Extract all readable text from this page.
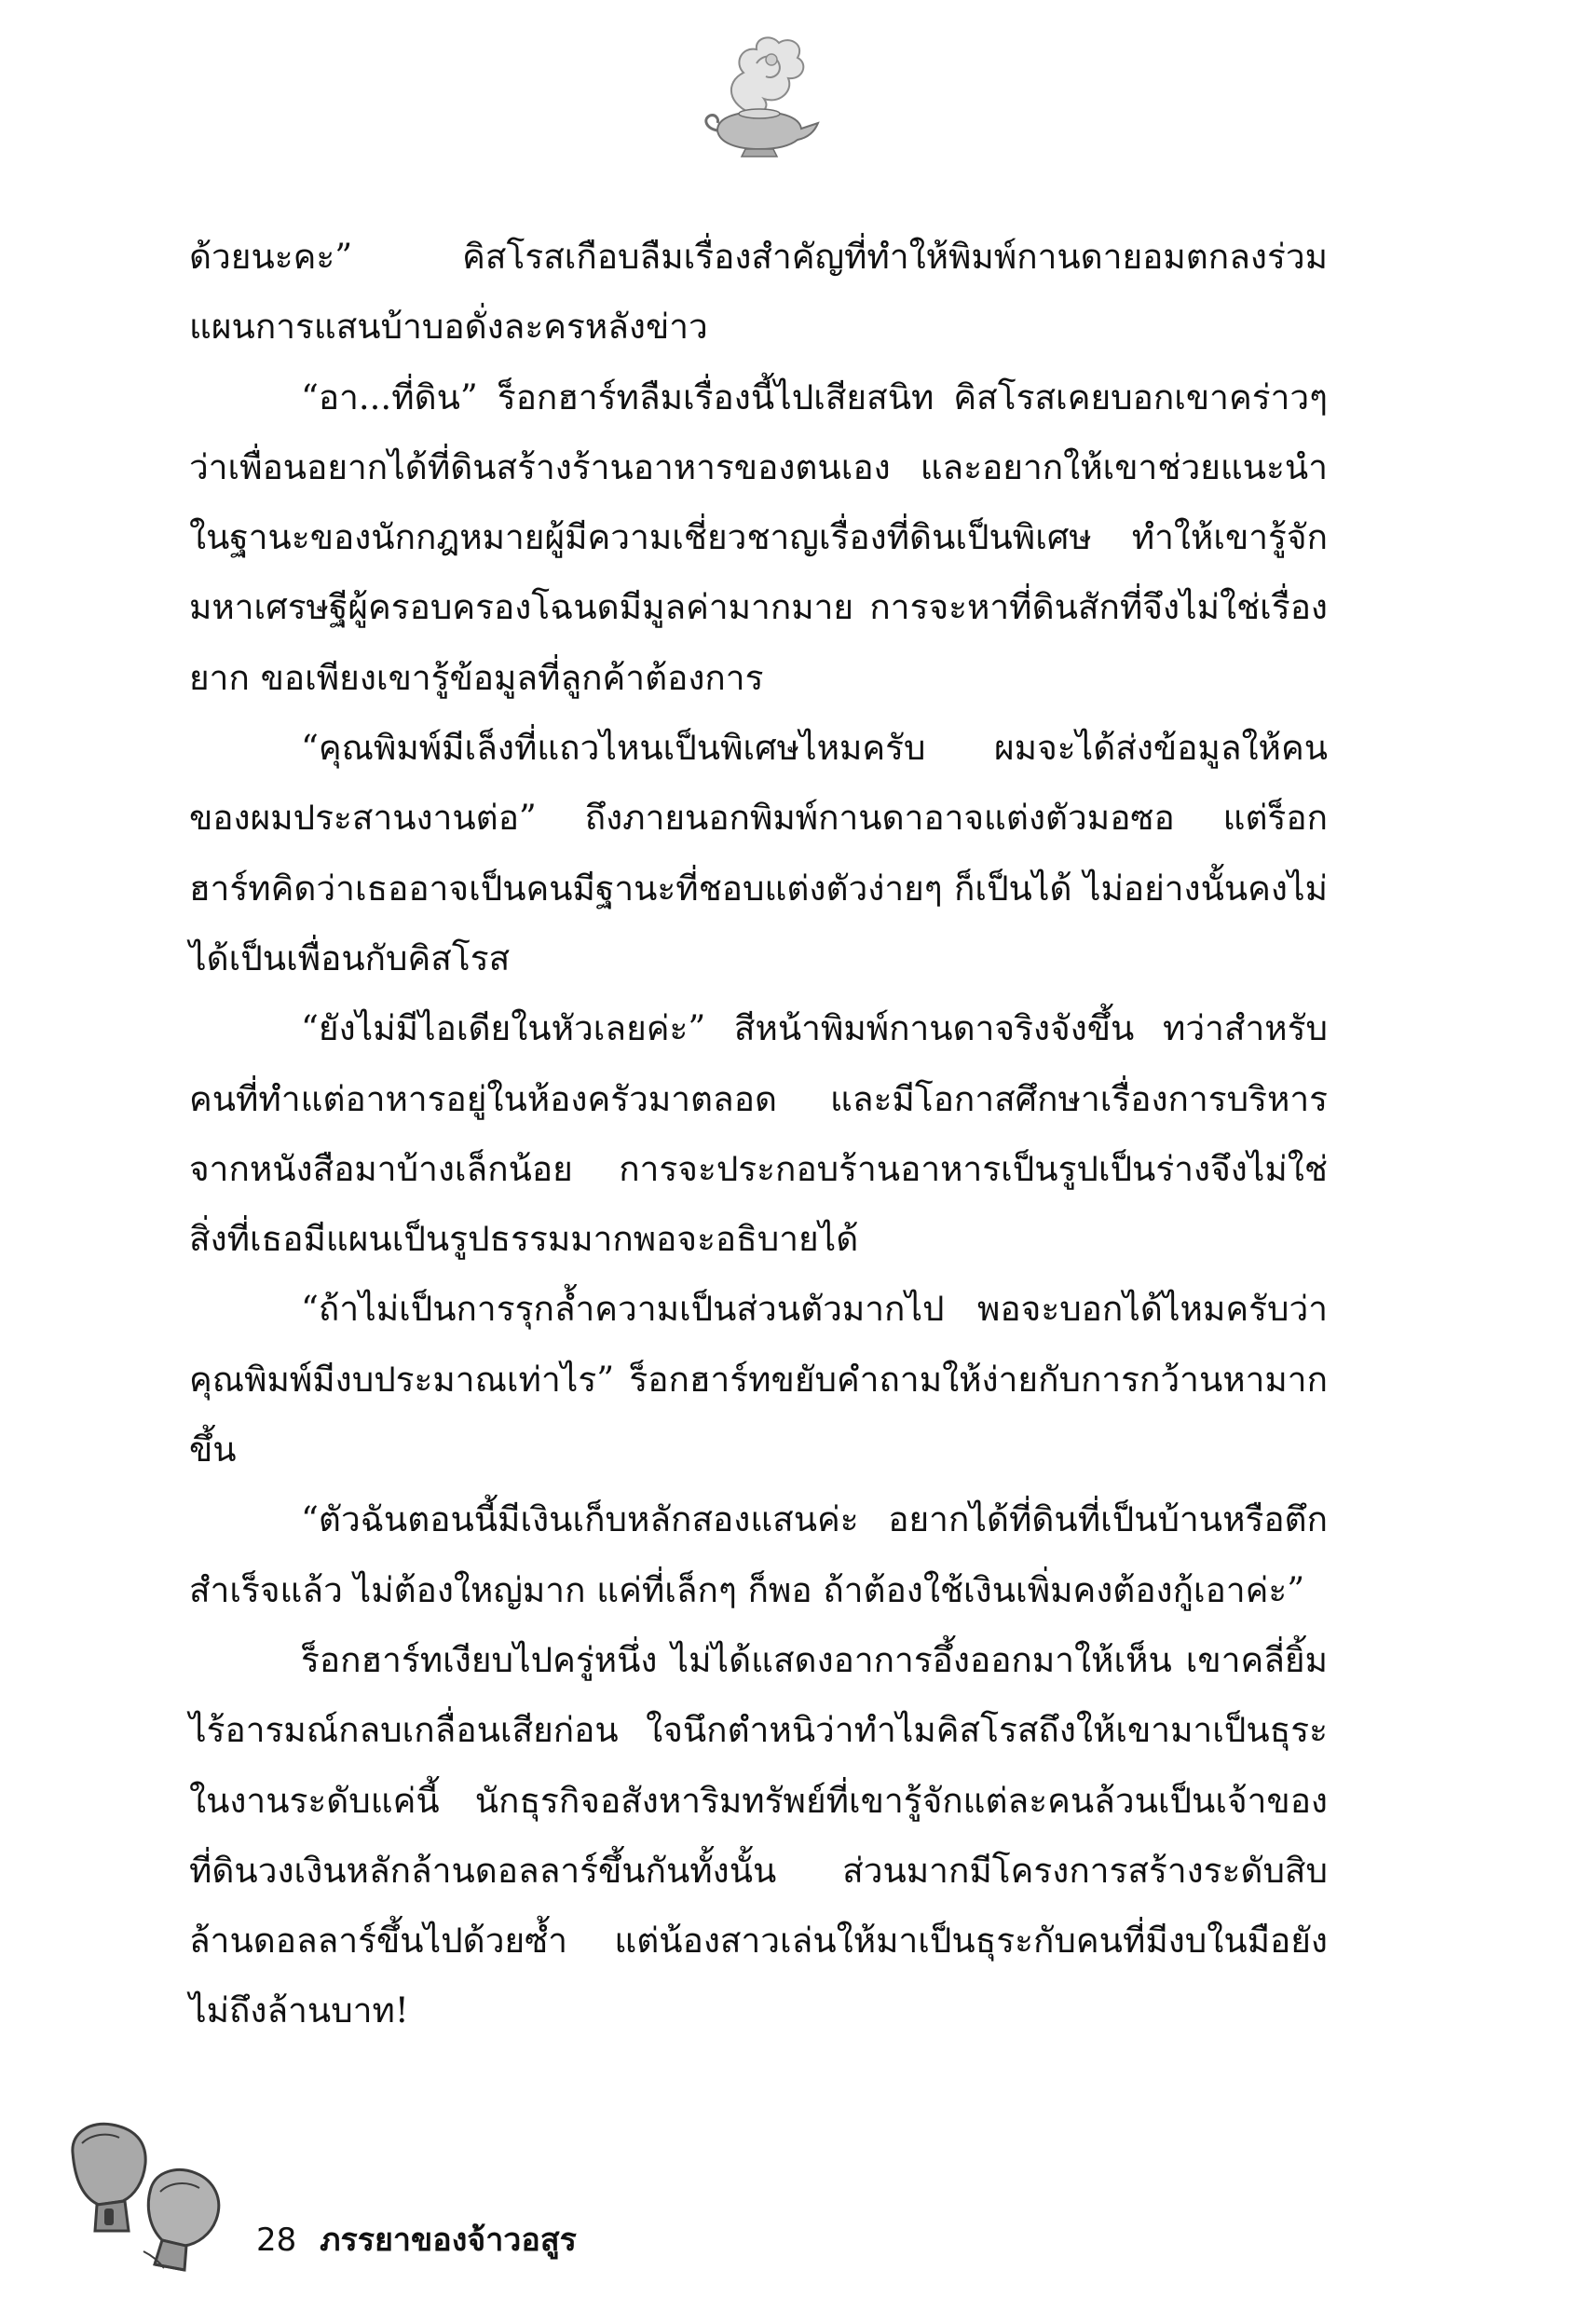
ด้วยนะคะ” คิสโรสเกือบลืมเรื่องสำคัญที่ทำให้พิมพ์กานดายอมตกลงร่วมแผนการแสนบ้าบอดั่งละครหลังข่าว

“อา...ที่ดิน” ร็อกฮาร์ทลืมเรื่องนี้ไปเสียสนิท คิสโรสเคยบอกเขาคร่าวๆ ว่าเพื่อนอยากได้ที่ดินสร้างร้านอาหารของตนเอง และอยากให้เขาช่วยแนะนำ ในฐานะของนักกฎหมายผู้มีความเชี่ยวชาญเรื่องที่ดินเป็นพิเศษ ทำให้เขารู้จักมหาเศรษฐีผู้ครอบครองโฉนดมีมูลค่ามากมาย การจะหาที่ดินสักที่จึงไม่ใช่เรื่องยาก ขอเพียงเขารู้ข้อมูลที่ลูกค้าต้องการ

“คุณพิมพ์มีเล็งที่แถวไหนเป็นพิเศษไหมครับ ผมจะได้ส่งข้อมูลให้คนของผมประสานงานต่อ” ถึงภายนอกพิมพ์กานดาอาจแต่งตัวมอซอ แต่ร็อกฮาร์ทคิดว่าเธออาจเป็นคนมีฐานะที่ชอบแต่งตัวง่ายๆ ก็เป็นได้ ไม่อย่างนั้นคงไม่ได้เป็นเพื่อนกับคิสโรส

“ยังไม่มีไอเดียในหัวเลยค่ะ” สีหน้าพิมพ์กานดาจริงจังขึ้น ทว่าสำหรับคนที่ทำแต่อาหารอยู่ในห้องครัวมาตลอด และมีโอกาสศึกษาเรื่องการบริหารจากหนังสือมาบ้างเล็กน้อย การจะประกอบร้านอาหารเป็นรูปเป็นร่างจึงไม่ใช่สิ่งที่เธอมีแผนเป็นรูปธรรมมากพอจะอธิบายได้

“ถ้าไม่เป็นการรุกล้ำความเป็นส่วนตัวมากไป พอจะบอกได้ไหมครับว่าคุณพิมพ์มีงบประมาณเท่าไร” ร็อกฮาร์ทขยับคำถามให้ง่ายกับการกว้านหามากขึ้น

“ตัวฉันตอนนี้มีเงินเก็บหลักสองแสนค่ะ อยากได้ที่ดินที่เป็นบ้านหรือตึกสำเร็จแล้ว ไม่ต้องใหญ่มาก แค่ที่เล็กๆ ก็พอ ถ้าต้องใช้เงินเพิ่มคงต้องกู้เอาค่ะ”

ร็อกฮาร์ทเงียบไปครู่หนึ่ง ไม่ได้แสดงอาการอึ้งออกมาให้เห็น เขาคลี่ยิ้มไร้อารมณ์กลบเกลื่อนเสียก่อน ใจนึกตำหนิว่าทำไมคิสโรสถึงให้เขามาเป็นธุระในงานระดับแค่นี้ นักธุรกิจอสังหาริมทรัพย์ที่เขารู้จักแต่ละคนล้วนเป็นเจ้าของที่ดินวงเงินหลักล้านดอลลาร์ขึ้นกันทั้งนั้น ส่วนมากมีโครงการสร้างระดับสิบล้านดอลลาร์ขึ้นไปด้วยซ้ำ แต่น้องสาวเล่นให้มาเป็นธุระกับคนที่มีงบในมือยังไม่ถึงล้านบาท!

28 ภรรยาของจ้าวอสูร
